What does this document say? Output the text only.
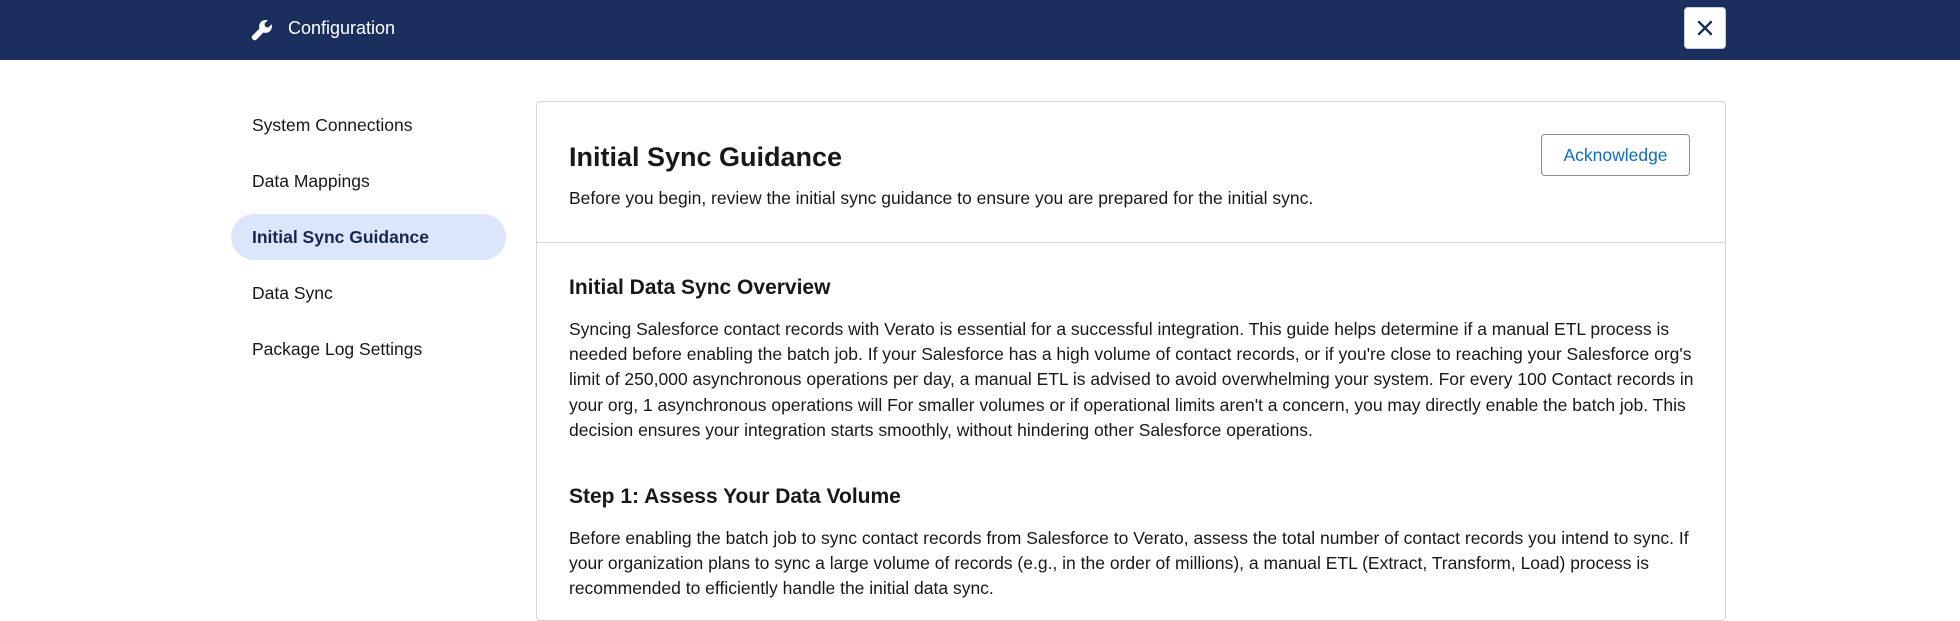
Configuration
System Connections
Data Mappings
Initial Sync Guidance
Data Sync
Package Log Settings
Initial Sync Guidance

Before you begin, review the initial sync guidance to ensure you are prepared for the initial sync.

Acknowledge
Initial Data Sync Overview

Syncing Salesforce contact records with Verato is essential for a successful integration. This guide helps determine if a manual ETL process is needed before enabling the batch job. If your Salesforce has a high volume of contact records, or if you're close to reaching your Salesforce org's limit of 250,000 asynchronous operations per day, a manual ETL is advised to avoid overwhelming your system. For every 100 Contact records in your org, 1 asynchronous operations will For smaller volumes or if operational limits aren't a concern, you may directly enable the batch job. This decision ensures your integration starts smoothly, without hindering other Salesforce operations.

Step 1: Assess Your Data Volume

Before enabling the batch job to sync contact records from Salesforce to Verato, assess the total number of contact records you intend to sync. If your organization plans to sync a large volume of records (e.g., in the order of millions), a manual ETL (Extract, Transform, Load) process is recommended to efficiently handle the initial data sync.
